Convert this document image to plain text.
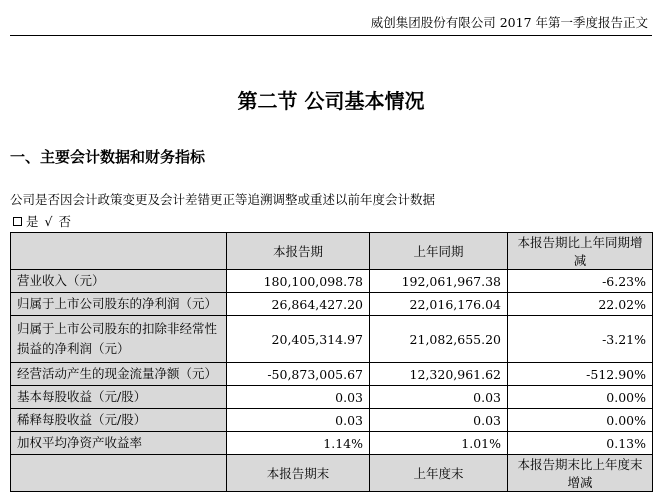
威创集团股份有限公司 2017 年第一季度报告正文
第二节 公司基本情况
一、主要会计数据和财务指标
公司是否因会计政策变更及会计差错更正等追溯调整或重述以前年度会计数据
是 √ 否
	本报告期	上年同期	本报告期比上年同期增减
营业收入（元）	180,100,098.78	192,061,967.38	-6.23%
归属于上市公司股东的净利润（元）	26,864,427.20	22,016,176.04	22.02%
归属于上市公司股东的扣除非经常性损益的净利润（元）	20,405,314.97	21,082,655.20	-3.21%
经营活动产生的现金流量净额（元）	-50,873,005.67	12,320,961.62	-512.90%
基本每股收益（元/股）	0.03	0.03	0.00%
稀释每股收益（元/股）	0.03	0.03	0.00%
加权平均净资产收益率	1.14%	1.01%	0.13%
	本报告期末	上年度末	本报告期末比上年度末增减
